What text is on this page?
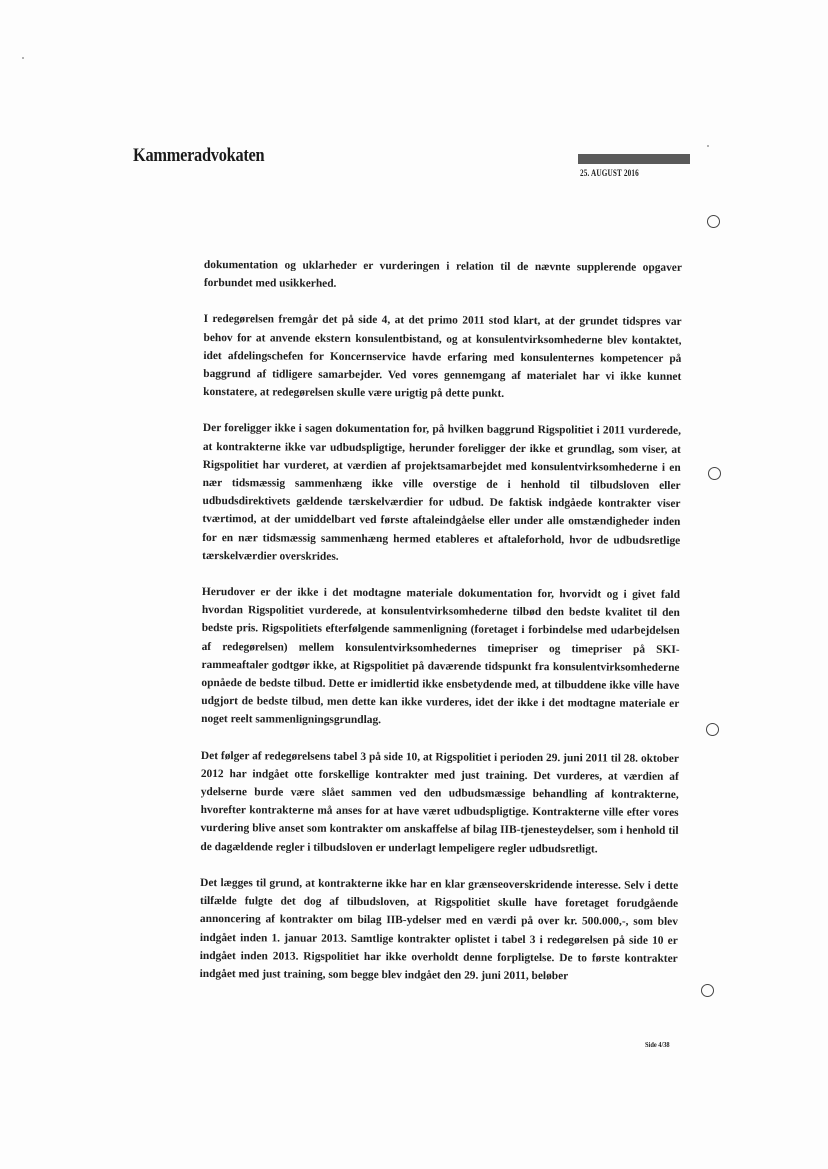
Kammeradvokaten
25. AUGUST 2016

dokumentation og uklarheder er vurderingen i relation til de nævnte supplerende opgaver forbundet med usikkerhed.

I redegørelsen fremgår det på side 4, at det primo 2011 stod klart, at der grundet tidspres var behov for at anvende ekstern konsulentbistand, og at konsulentvirksomhederne blev kontaktet, idet afdelingschefen for Koncernservice havde erfaring med konsulenternes kompetencer på baggrund af tidligere samarbejder. Ved vores gennemgang af materialet har vi ikke kunnet konstatere, at redegørelsen skulle være urigtig på dette punkt.

Der foreligger ikke i sagen dokumentation for, på hvilken baggrund Rigspolitiet i 2011 vurderede, at kontrakterne ikke var udbudspligtige, herunder foreligger der ikke et grundlag, som viser, at Rigspolitiet har vurderet, at værdien af projektsamarbejdet med konsulentvirksomhederne i en nær tidsmæssig sammenhæng ikke ville overstige de i henhold til tilbudsloven eller udbudsdirektivets gældende tærskelværdier for udbud. De faktisk indgåede kontrakter viser tværtimod, at der umiddelbart ved første aftaleindgåelse eller under alle omstændigheder inden for en nær tidsmæssig sammenhæng hermed etableres et aftaleforhold, hvor de udbudsretlige tærskelværdier overskrides.

Herudover er der ikke i det modtagne materiale dokumentation for, hvorvidt og i givet fald hvordan Rigspolitiet vurderede, at konsulentvirksomhederne tilbød den bedste kvalitet til den bedste pris. Rigspolitiets efterfølgende sammenligning (foretaget i forbindelse med udarbejdelsen af redegørelsen) mellem konsulentvirksomhedernes timepriser og timepriser på SKI-rammeaftaler godtgør ikke, at Rigspolitiet på daværende tidspunkt fra konsulentvirksomhederne opnåede de bedste tilbud. Dette er imidlertid ikke ensbetydende med, at tilbuddene ikke ville have udgjort de bedste tilbud, men dette kan ikke vurderes, idet der ikke i det modtagne materiale er noget reelt sammenligningsgrundlag.

Det følger af redegørelsens tabel 3 på side 10, at Rigspolitiet i perioden 29. juni 2011 til 28. oktober 2012 har indgået otte forskellige kontrakter med just training. Det vurderes, at værdien af ydelserne burde være slået sammen ved den udbudsmæssige behandling af kontrakterne, hvorefter kontrakterne må anses for at have været udbudspligtige. Kontrakterne ville efter vores vurdering blive anset som kontrakter om anskaffelse af bilag IIB-tjenesteydelser, som i henhold til de dagældende regler i tilbudsloven er underlagt lempeligere regler udbudsretligt.

Det lægges til grund, at kontrakterne ikke har en klar grænseoverskridende interesse. Selv i dette tilfælde fulgte det dog af tilbudsloven, at Rigspolitiet skulle have foretaget forudgående annoncering af kontrakter om bilag IIB-ydelser med en værdi på over kr. 500.000,-, som blev indgået inden 1. januar 2013. Samtlige kontrakter oplistet i tabel 3 i redegørelsen på side 10 er indgået inden 2013. Rigspolitiet har ikke overholdt denne forpligtelse. De to første kontrakter indgået med just training, som begge blev indgået den 29. juni 2011, beløber

Side 4/38
